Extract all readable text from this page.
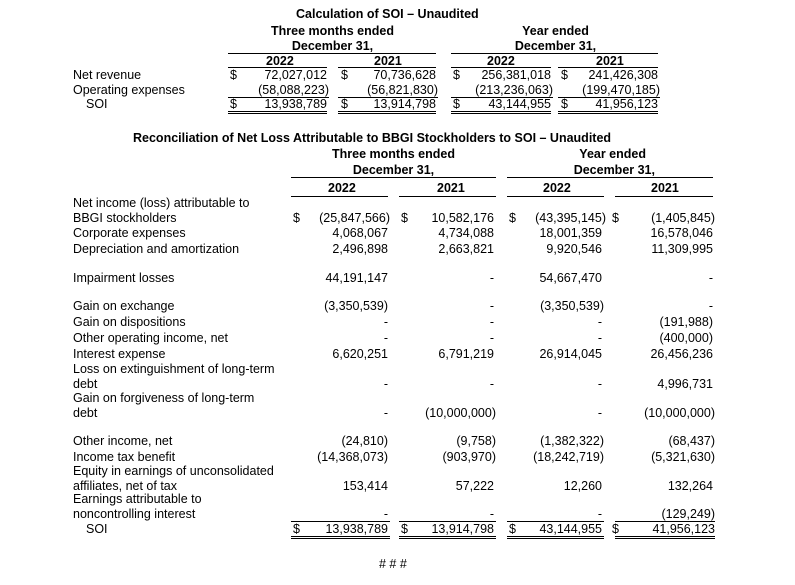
Calculation of SOI – Unaudited
Three months ended
December 31,
Year ended
December 31,
2022	2021	2022	2021
Net revenue	$	72,027,012 $	70,736,628 $	256,381,018 $	241,426,308
Operating expenses	(58,088,223)	(56,821,830)	(213,236,063)	(199,470,185)
SOI	$	13,938,789 $	13,914,798 $	43,144,955 $	41,956,123
Reconciliation of Net Loss Attributable to BBGI Stockholders to SOI – Unaudited
Three months ended
December 31,
Year ended
December 31,
2022	2021	2022	2021
Net income (loss) attributable to
BBGI stockholders	$	(25,847,566) $	10,582,176 $	(43,395,145) $	(1,405,845)
Corporate expenses	4,068,067	4,734,088	18,001,359	16,578,046
Depreciation and amortization	2,496,898	2,663,821	9,920,546	11,309,995
Impairment losses	44,191,147	-	54,667,470	-
Gain on exchange	(3,350,539)	-	(3,350,539)	-
Gain on dispositions	-	-	-	(191,988)
Other operating income, net	-	-	-	(400,000)
Interest expense	6,620,251	6,791,219	26,914,045	26,456,236
Loss on extinguishment of long-term
debt	-	-	-	4,996,731
Gain on forgiveness of long-term
debt	-	(10,000,000)	-	(10,000,000)
Other income, net	(24,810)	(9,758)	(1,382,322)	(68,437)
Income tax benefit	(14,368,073)	(903,970)	(18,242,719)	(5,321,630)
Equity in earnings of unconsolidated
affiliates, net of tax	153,414	57,222	12,260	132,264
Earnings attributable to
noncontrolling interest	-	-	-	(129,249)
SOI	$	13,938,789 $	13,914,798 $	43,144,955 $	41,956,123
# # #
